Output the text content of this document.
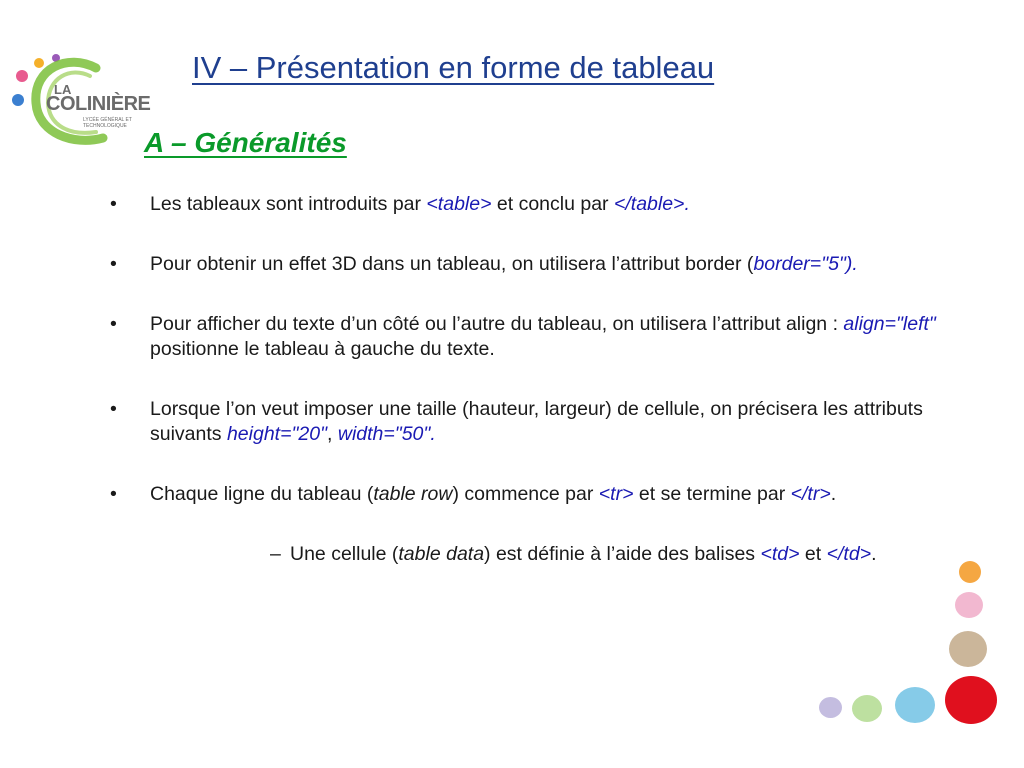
LA
COLINIÈRE
LYCÉE GÉNÉRAL ET TECHNOLOGIQUE
IV – Présentation en forme de tableau
A – Généralités
• Les tableaux sont introduits par <table> et conclu par </table>.
• Pour obtenir un effet 3D dans un tableau, on utilisera l’attribut border (border="5").
• Pour afficher du texte d’un côté ou l’autre du tableau, on utilisera l’attribut align : align="left" positionne le tableau à gauche du texte.
• Lorsque l’on veut imposer une taille (hauteur, largeur) de cellule, on précisera les attributs suivants height="20", width="50".
• Chaque ligne du tableau (table row) commence par <tr> et se termine par </tr>.
– Une cellule (table data) est définie à l’aide des balises <td> et </td>.
